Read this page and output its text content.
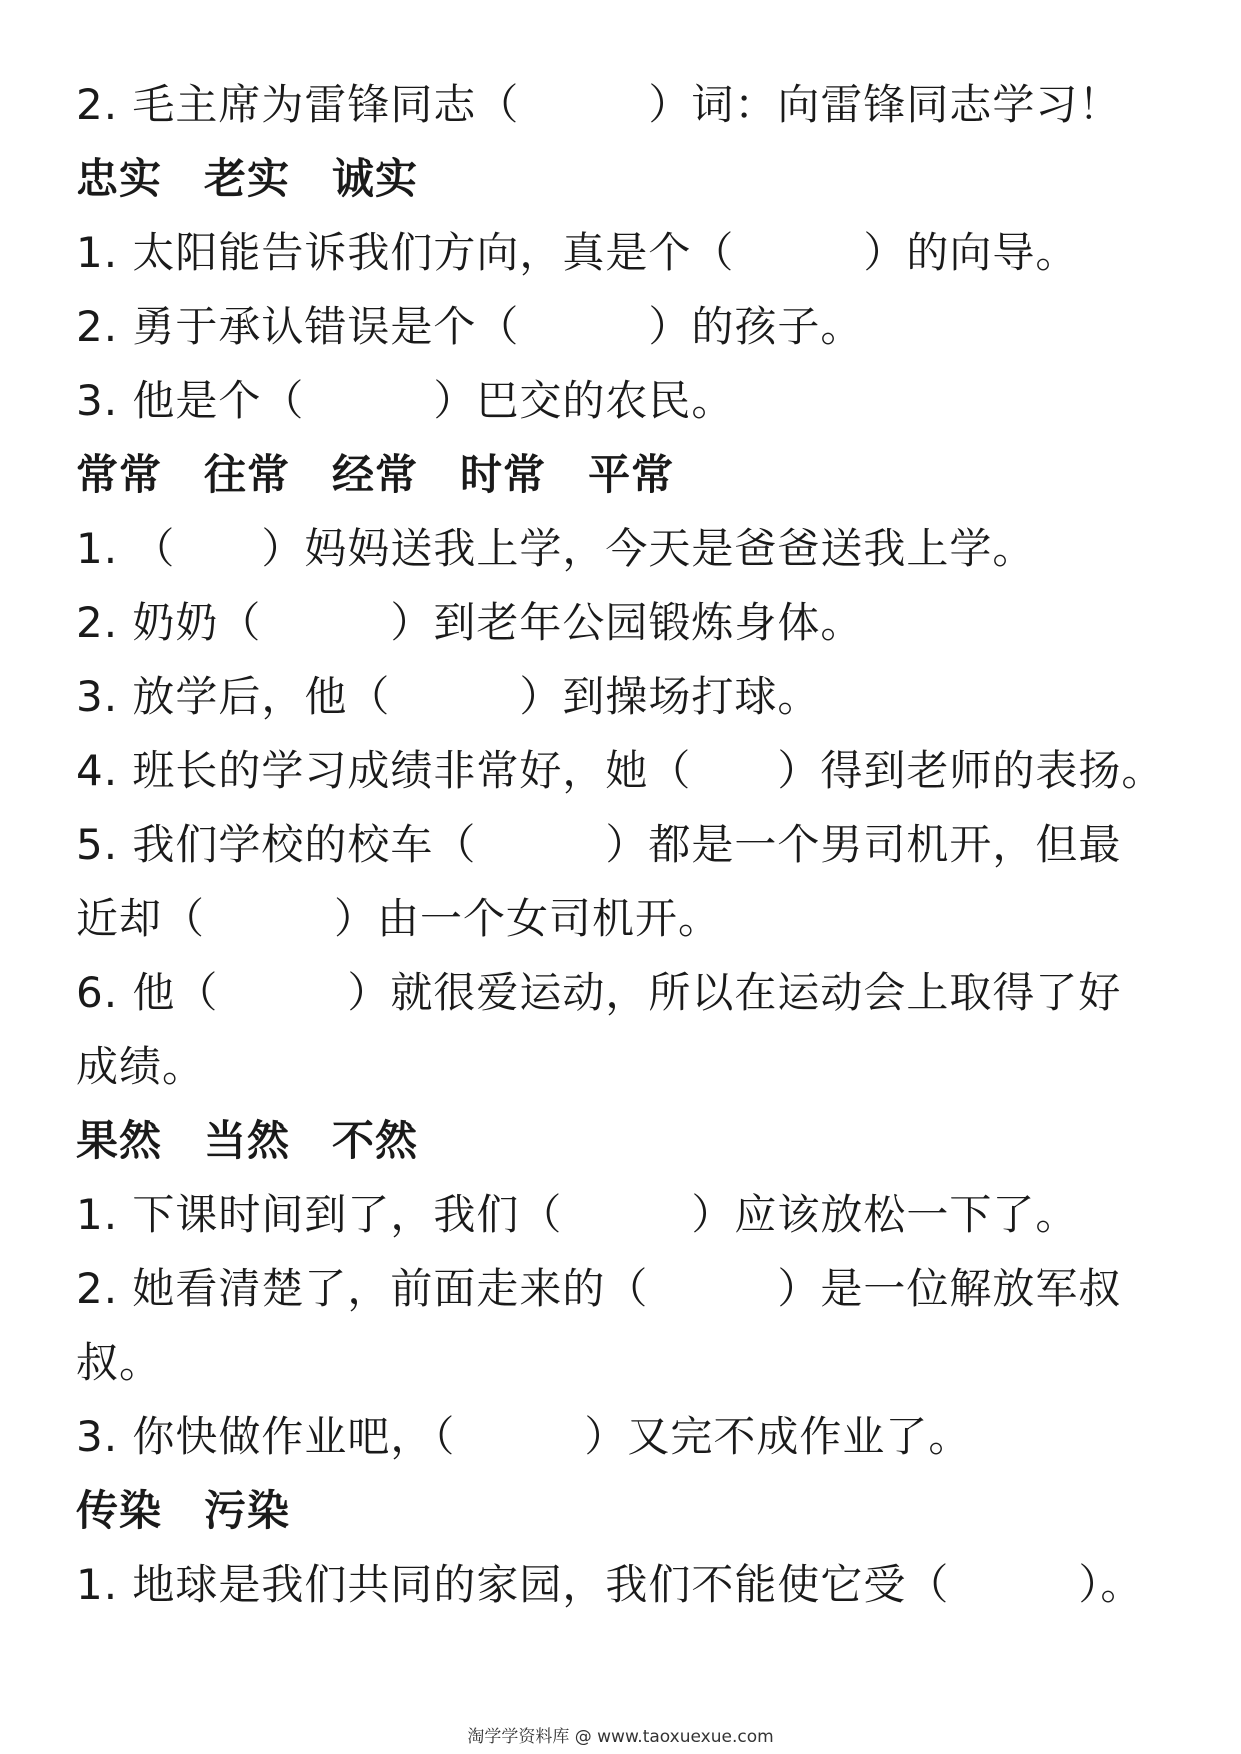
2. 毛主席为雷锋同志（　　　）词：向雷锋同志学习！
忠实 老实 诚实
1. 太阳能告诉我们方向，真是个（　　　）的向导。
2. 勇于承认错误是个（　　　）的孩子。
3. 他是个（　　　）巴交的农民。
常常 往常 经常 时常 平常
1. （　　）妈妈送我上学，今天是爸爸送我上学。
2. 奶奶（　　　）到老年公园锻炼身体。
3. 放学后，他（　　　）到操场打球。
4. 班长的学习成绩非常好，她（　　）得到老师的表扬。
5. 我们学校的校车（　　　）都是一个男司机开，但最
近却（　　　）由一个女司机开。
6. 他（　　　）就很爱运动，所以在运动会上取得了好
成绩。
果然 当然 不然
1. 下课时间到了，我们（　　　）应该放松一下了。
2. 她看清楚了，前面走来的（　　　）是一位解放军叔
叔。
3. 你快做作业吧，（　　　）又完不成作业了。
传染 污染
1. 地球是我们共同的家园，我们不能使它受（　　　）。
淘学学资料库 @ www.taoxuexue.com
